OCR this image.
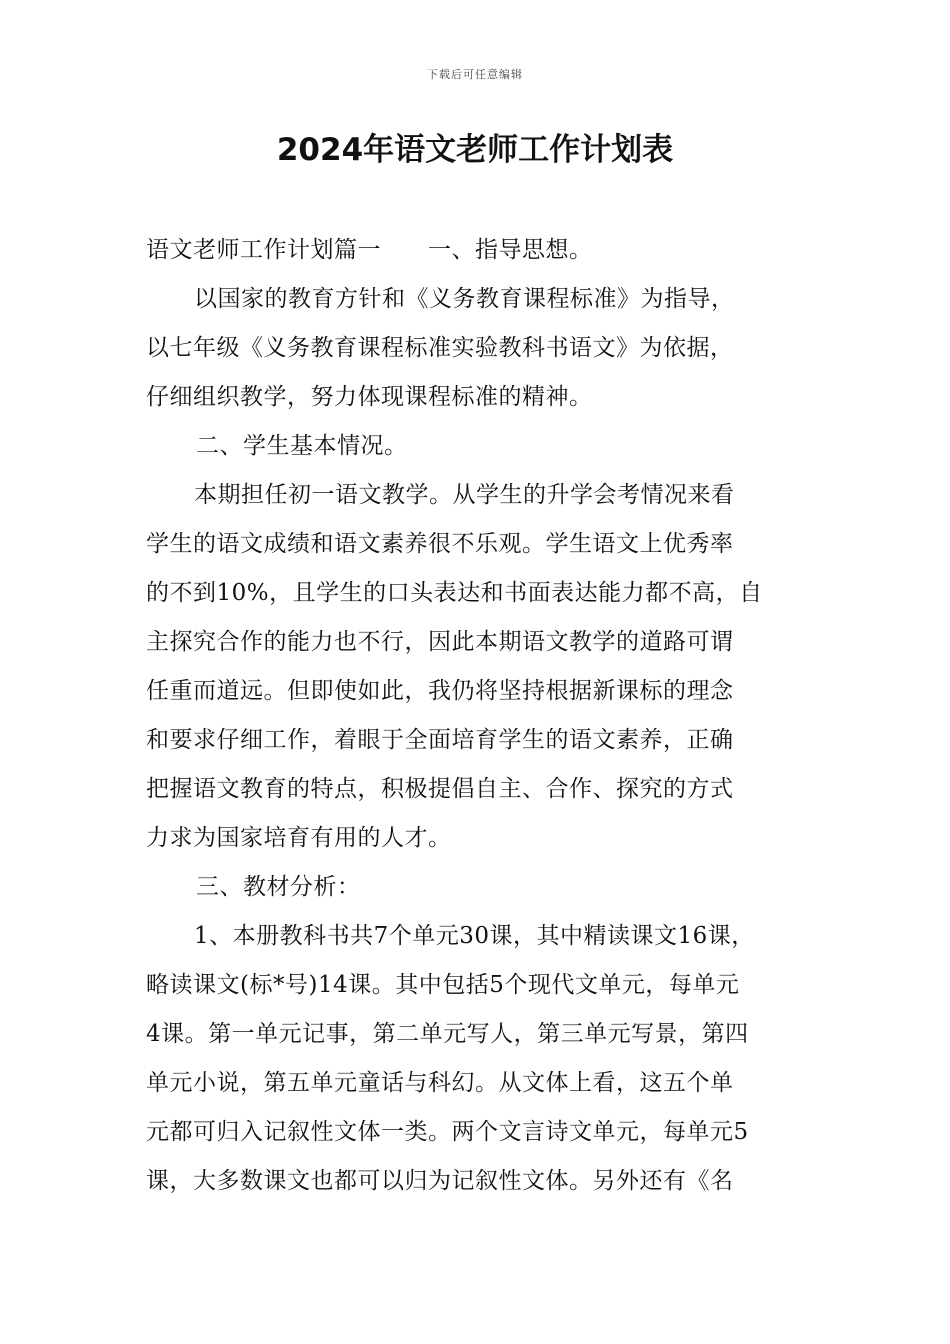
下载后可任意编辑
2024年语文老师工作计划表
语文老师工作计划篇一　　一、指导思想。
以国家的教育方针和《义务教育课程标准》为指导，
以七年级《义务教育课程标准实验教科书语文》为依据，
仔细组织教学，努力体现课程标准的精神。
二、学生基本情况。
本期担任初一语文教学。从学生的升学会考情况来看
学生的语文成绩和语文素养很不乐观。学生语文上优秀率
的不到10%，且学生的口头表达和书面表达能力都不高，自
主探究合作的能力也不行，因此本期语文教学的道路可谓
任重而道远。但即使如此，我仍将坚持根据新课标的理念
和要求仔细工作，着眼于全面培育学生的语文素养，正确
把握语文教育的特点，积极提倡自主、合作、探究的方式
力求为国家培育有用的人才。
三、教材分析：
1、本册教科书共7个单元30课，其中精读课文16课，
略读课文(标*号)14课。其中包括5个现代文单元，每单元
4课。第一单元记事，第二单元写人，第三单元写景，第四
单元小说，第五单元童话与科幻。从文体上看，这五个单
元都可归入记叙性文体一类。两个文言诗文单元，每单元5
课，大多数课文也都可以归为记叙性文体。另外还有《名
